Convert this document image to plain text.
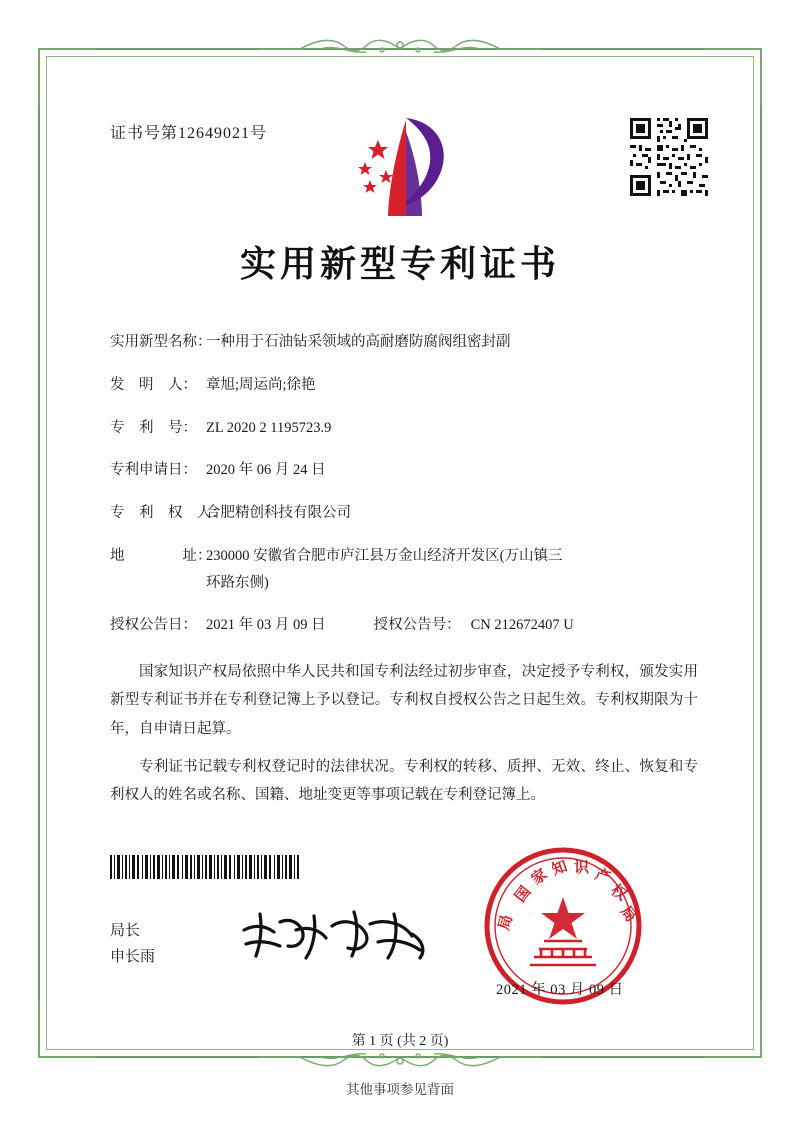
证书号第12649021号
实用新型专利证书
实用新型名称：
一种用于石油钻采领域的高耐磨防腐阀组密封副
发　明　人： 章旭;周运尚;徐艳
专　利　号： ZL 2020 2 1195723.9
专利申请日： 2020 年 06 月 24 日
专　利　权　人：
合肥精创科技有限公司
地　　　　址：
230000 安徽省合肥市庐江县万金山经济开发区(万山镇三
环路东侧)
授权公告日： 2021 年 03 月 09 日	授权公告号： CN 212672407 U
国家知识产权局依照中华人民共和国专利法经过初步审查，决定授予专利权，颁发实用新型专利证书并在专利登记簿上予以登记。专利权自授权公告之日起生效。专利权期限为十年，自申请日起算。
专利证书记载专利权登记时的法律状况。专利权的转移、质押、无效、终止、恢复和专利权人的姓名或名称、国籍、地址变更等事项记载在专利登记簿上。
局长
申长雨
国
家 知 识 产
权
局
局
2021 年 03 月 09 日
第 1 页 (共 2 页)
其他事项参见背面
